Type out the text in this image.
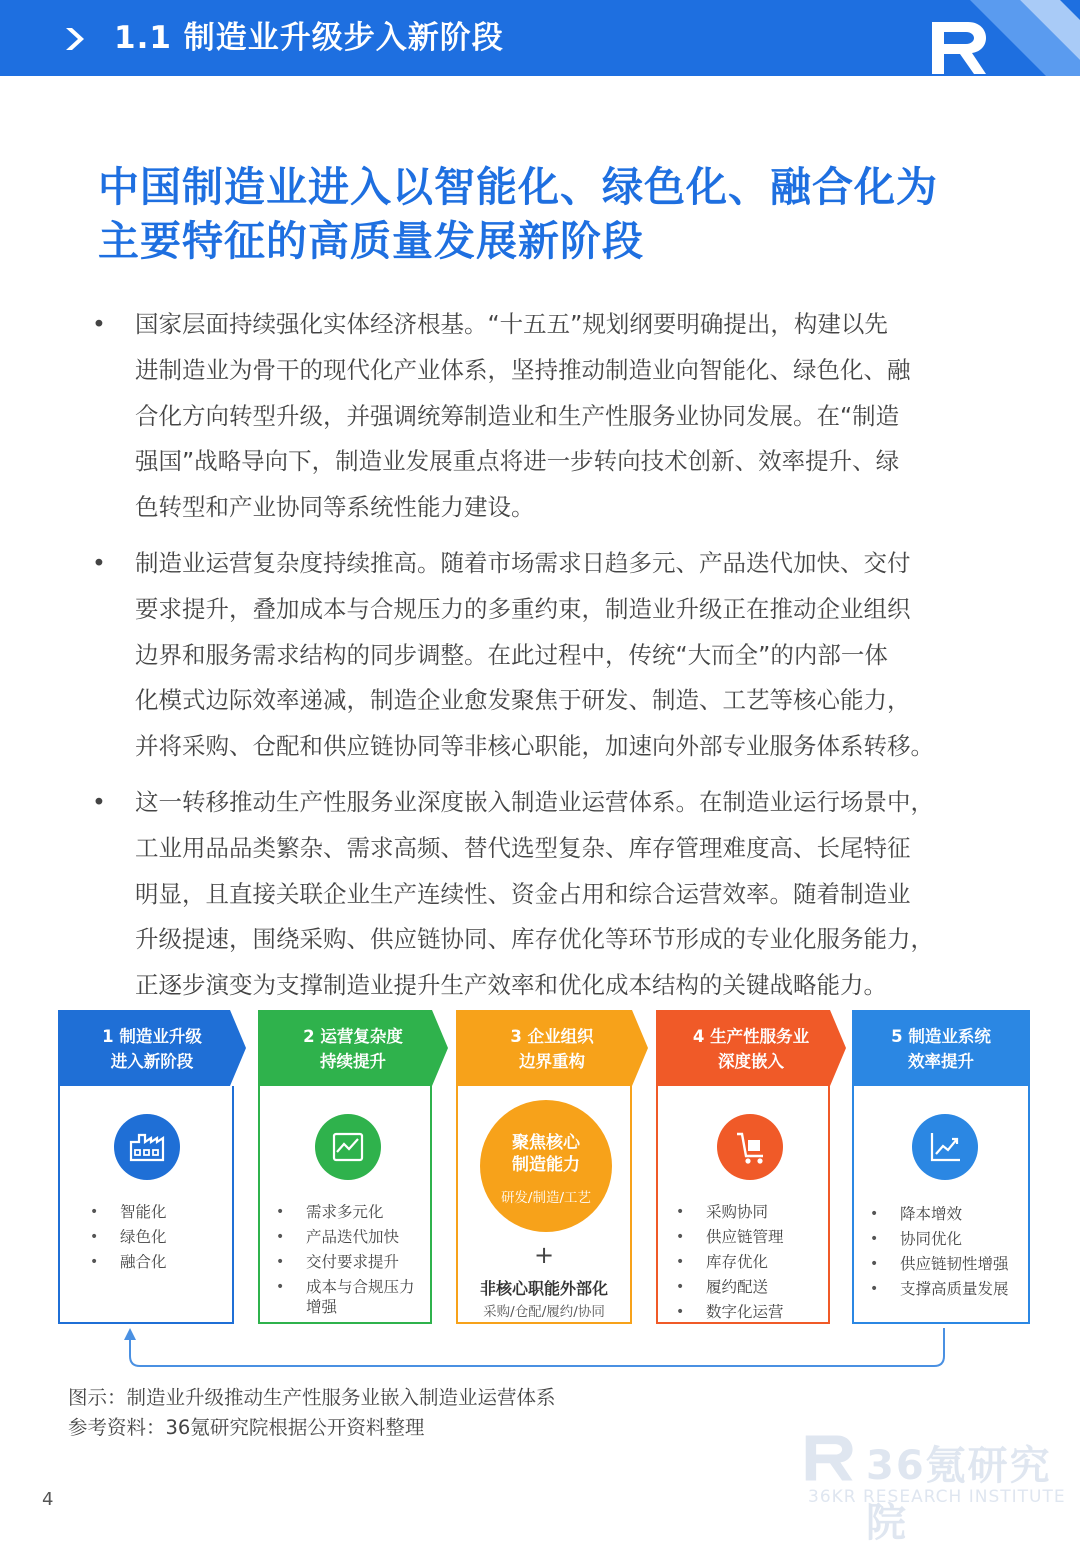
1.1 制造业升级步入新阶段
中国制造业进入以智能化、绿色化、融合化为
主要特征的高质量发展新阶段
• 国家层面持续强化实体经济根基。“十五五”规划纲要明确提出，构建以先
进制造业为骨干的现代化产业体系，坚持推动制造业向智能化、绿色化、融
合化方向转型升级，并强调统筹制造业和生产性服务业协同发展。在“制造
强国”战略导向下，制造业发展重点将进一步转向技术创新、效率提升、绿
色转型和产业协同等系统性能力建设。
• 制造业运营复杂度持续推高。随着市场需求日趋多元、产品迭代加快、交付
要求提升，叠加成本与合规压力的多重约束，制造业升级正在推动企业组织
边界和服务需求结构的同步调整。在此过程中，传统“大而全”的内部一体
化模式边际效率递减，制造企业愈发聚焦于研发、制造、工艺等核心能力，
并将采购、仓配和供应链协同等非核心职能，加速向外部专业服务体系转移。
• 这一转移推动生产性服务业深度嵌入制造业运营体系。在制造业运行场景中，
工业用品品类繁杂、需求高频、替代选型复杂、库存管理难度高、长尾特征
明显，且直接关联企业生产连续性、资金占用和综合运营效率。随着制造业
升级提速，围绕采购、供应链协同、库存优化等环节形成的专业化服务能力，
正逐步演变为支撑制造业提升生产效率和优化成本结构的关键战略能力。
1 制造业升级
进入新阶段
• 智能化
• 绿色化
• 融合化
2 运营复杂度
持续提升
• 需求多元化
• 产品迭代加快
• 交付要求提升
• 成本与合规压力
增强
3 企业组织
边界重构
聚焦核心
制造能力
研发/制造/工艺
+
非核心职能外部化
采购/仓配/履约/协同
4 生产性服务业
深度嵌入
• 采购协同
• 供应链管理
• 库存优化
• 履约配送
• 数字化运营
5 制造业系统
效率提升
• 降本增效
• 协同优化
• 供应链韧性增强
• 支撑高质量发展
图示：制造业升级推动生产性服务业嵌入制造业运营体系
参考资料：36氪研究院根据公开资料整理
4
36氪研究院
36KR RESEARCH INSTITUTE
